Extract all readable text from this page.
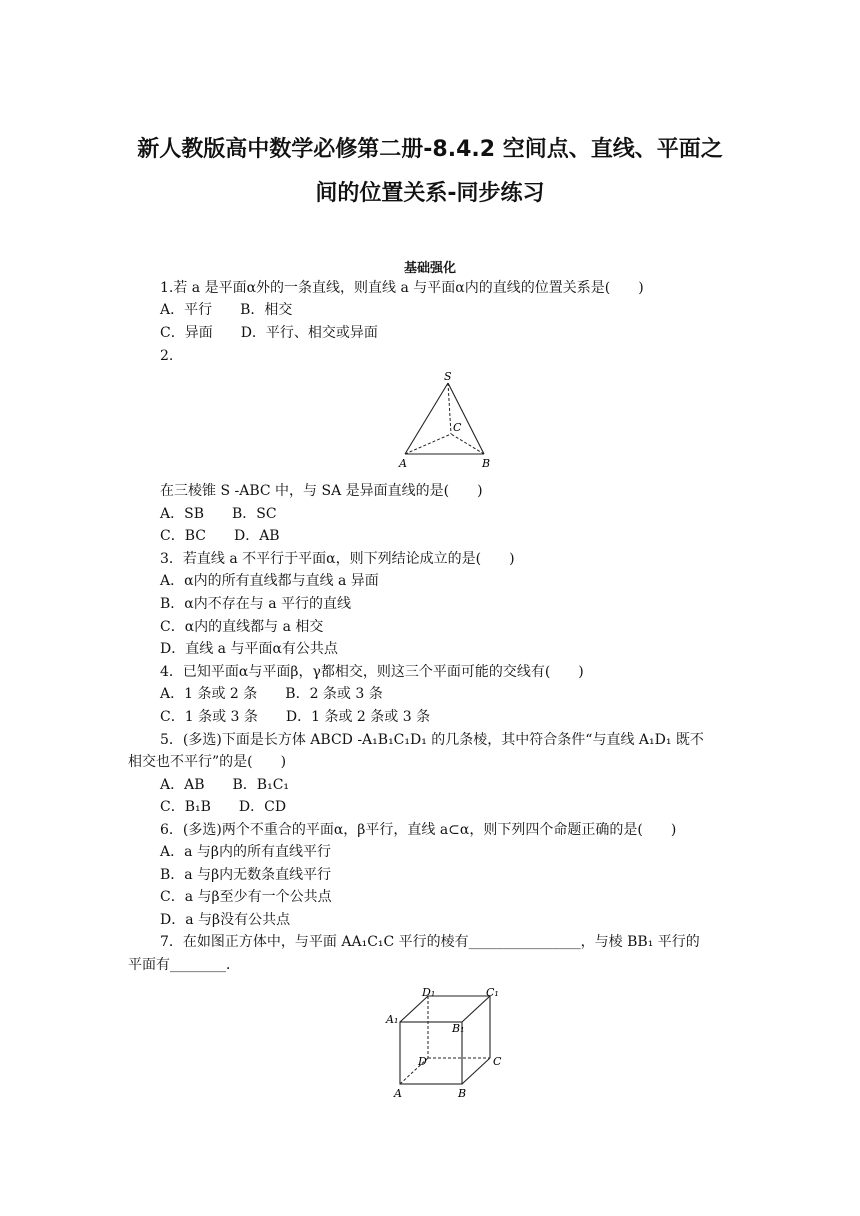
新人教版高中数学必修第二册-8.4.2 空间点、直线、平面之
间的位置关系-同步练习
基础强化
1.若 a 是平面α外的一条直线，则直线 a 与平面α内的直线的位置关系是(　　)
A．平行　　B．相交
C．异面　　D．平行、相交或异面
2.
S
C
A	B
在三棱锥 S -ABC 中，与 SA 是异面直线的是(　　)
A．SB　　B．SC
C．BC　　D．AB
3．若直线 a 不平行于平面α，则下列结论成立的是(　　)
A．α内的所有直线都与直线 a 异面
B．α内不存在与 a 平行的直线
C．α内的直线都与 a 相交
D．直线 a 与平面α有公共点
4．已知平面α与平面β，γ都相交，则这三个平面可能的交线有(　　)
A．1 条或 2 条　　B．2 条或 3 条
C．1 条或 3 条　　D．1 条或 2 条或 3 条
5．(多选)下面是长方体 ABCD -A₁B₁C₁D₁ 的几条棱，其中符合条件“与直线 A₁D₁ 既不
相交也不平行”的是(　　)
A．AB　　B．B₁C₁
C．B₁B　　D．CD
6．(多选)两个不重合的平面α，β平行，直线 a⊂α，则下列四个命题正确的是(　　)
A．a 与β内的所有直线平行
B．a 与β内无数条直线平行
C．a 与β至少有一个公共点
D．a 与β没有公共点
7．在如图正方体中，与平面 AA₁C₁C 平行的棱有________________，与棱 BB₁ 平行的
平面有________．
D₁	C₁
A₁
B₁
D	C
A	B
